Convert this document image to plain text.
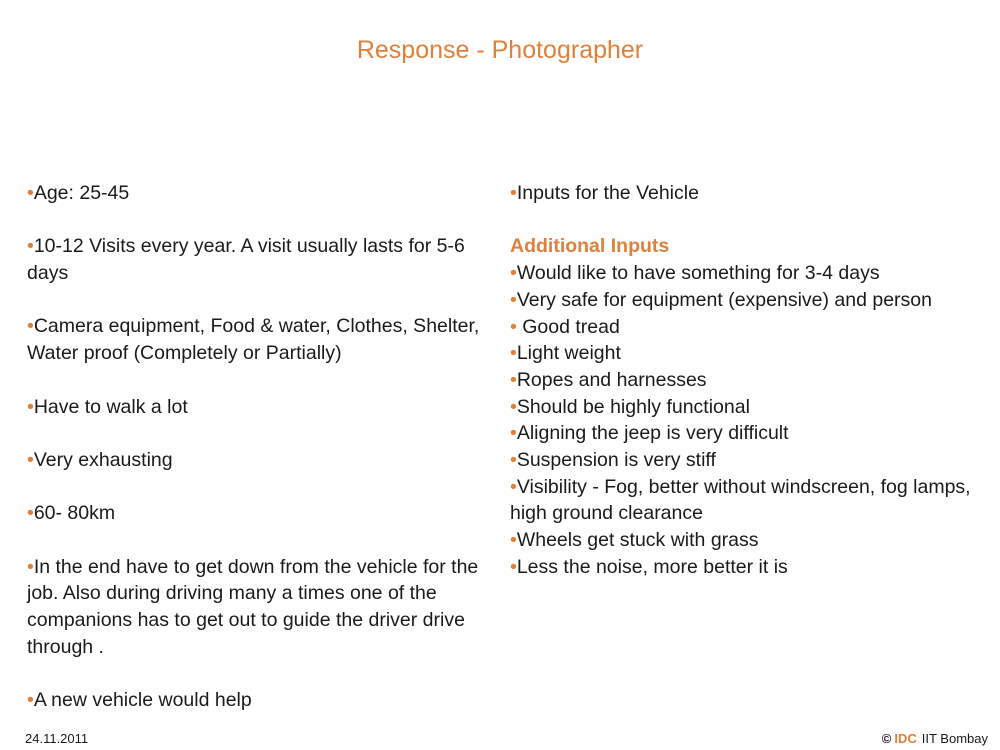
Response - Photographer
•Age: 25-45
•10-12 Visits every year. A visit usually lasts for 5-6 days
•Camera equipment, Food & water, Clothes, Shelter, Water proof (Completely or Partially)
•Have to walk a lot
•Very exhausting
•60- 80km
•In the end have to get down from the vehicle for the job. Also during driving many a times one of the companions has to get out to guide the driver drive through .
•A new vehicle would help
•Inputs for the Vehicle
Additional Inputs
•Would like to have something for 3-4 days
•Very safe for equipment (expensive) and person
• Good tread
•Light weight
•Ropes and harnesses
•Should be highly functional
•Aligning the jeep is very difficult
•Suspension is very stiff
•Visibility - Fog, better without windscreen, fog lamps, high ground clearance
•Wheels get stuck with grass
•Less the noise, more better it is
24.11.2011	© IDC IIT Bombay
